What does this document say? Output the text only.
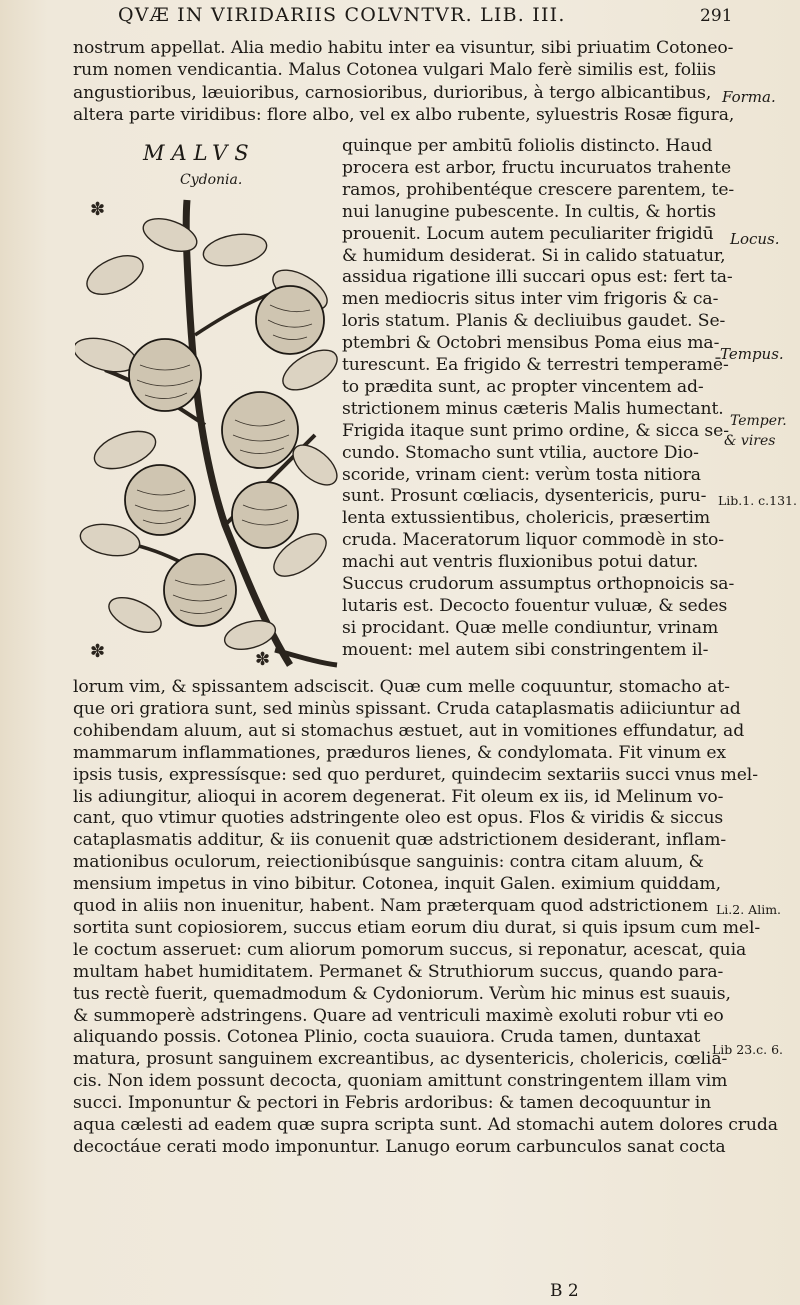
QVÆ IN VIRIDARIIS COLVNTVR. LIB. III.	291
nostrum appellat. Alia medio habitu inter ea visuntur, sibi priuatim Cotoneo-
rum nomen vendicantia. Malus Cotonea vulgari Malo ferè similis est, foliis
angustioribus, læuioribus, carnosioribus, durioribus, à tergo albicantibus,
altera parte viridibus: flore albo, vel ex albo rubente, syluestris Rosæ figura,
MALVS
Cydonia.
✽
✽	✽
quinque per ambitū foliolis distincto. Haud
procera est arbor, fructu incuruatos trahente
ramos, prohibentéque crescere parentem, te-
nui lanugine pubescente. In cultis, & hortis
prouenit. Locum autem peculiariter frigidū
& humidum desiderat. Si in calido statuatur,
assidua rigatione illi succari opus est: fert ta-
men mediocris situs inter vim frigoris & ca-
loris statum. Planis & decliuibus gaudet. Se-
ptembri & Octobri mensibus Poma eius ma-
turescunt. Ea frigido & terrestri temperamē-
to prædita sunt, ac propter vincentem ad-
strictionem minus cæteris Malis humectant.
Frigida itaque sunt primo ordine, & sicca se-
cundo. Stomacho sunt vtilia, auctore Dio-
scoride, vrinam cient: verùm tosta nitiora
sunt. Prosunt cœliacis, dysentericis, puru-
lenta extussientibus, cholericis, præsertim
cruda. Maceratorum liquor commodè in sto-
machi aut ventris fluxionibus potui datur.
Succus crudorum assumptus orthopnoicis sa-
lutaris est. Decocto fouentur vuluæ, & sedes
si procidant. Quæ melle condiuntur, vrinam
mouent: mel autem sibi constringentem il-
lorum vim, & spissantem adsciscit. Quæ cum melle coquuntur, stomacho at-
que ori gratiora sunt, sed minùs spissant. Cruda cataplasmatis adiiciuntur ad
cohibendam aluum, aut si stomachus æstuet, aut in vomitiones effundatur, ad
mammarum inflammationes, præduros lienes, & condylomata. Fit vinum ex
ipsis tusis, expressísque: sed quo perduret, quindecim sextariis succi vnus mel-
lis adiungitur, alioqui in acorem degenerat. Fit oleum ex iis, id Melinum vo-
cant, quo vtimur quoties adstringente oleo est opus. Flos & viridis & siccus
cataplasmatis additur, & iis conuenit quæ adstrictionem desiderant, inflam-
mationibus oculorum, reiectionibúsque sanguinis: contra citam aluum, &
mensium impetus in vino bibitur. Cotonea, inquit Galen. eximium quiddam,
quod in aliis non inuenitur, habent. Nam præterquam quod adstrictionem
sortita sunt copiosiorem, succus etiam eorum diu durat, si quis ipsum cum mel-
le coctum asseruet: cum aliorum pomorum succus, si reponatur, acescat, quia
multam habet humiditatem. Permanet & Struthiorum succus, quando para-
tus rectè fuerit, quemadmodum & Cydoniorum. Verùm hic minus est suauis,
& summoperè adstringens. Quare ad ventriculi maximè exoluti robur vti eo
aliquando possis. Cotonea Plinio, cocta suauiora. Cruda tamen, duntaxat
matura, prosunt sanguinem excreantibus, ac dysentericis, cholericis, cœlia-
cis. Non idem possunt decocta, quoniam amittunt constringentem illam vim
succi. Imponuntur & pectori in Febris ardoribus: & tamen decoquuntur in
aqua cælesti ad eadem quæ supra scripta sunt. Ad stomachi autem dolores cruda
decoctáue cerati modo imponuntur. Lanugo eorum carbunculos sanat cocta
Forma.
Locus.
Tempus.
Temper.
& vires
Lib.1. c.131.
Li.2. Alim.
Lib 23.c. 6.
B 2
